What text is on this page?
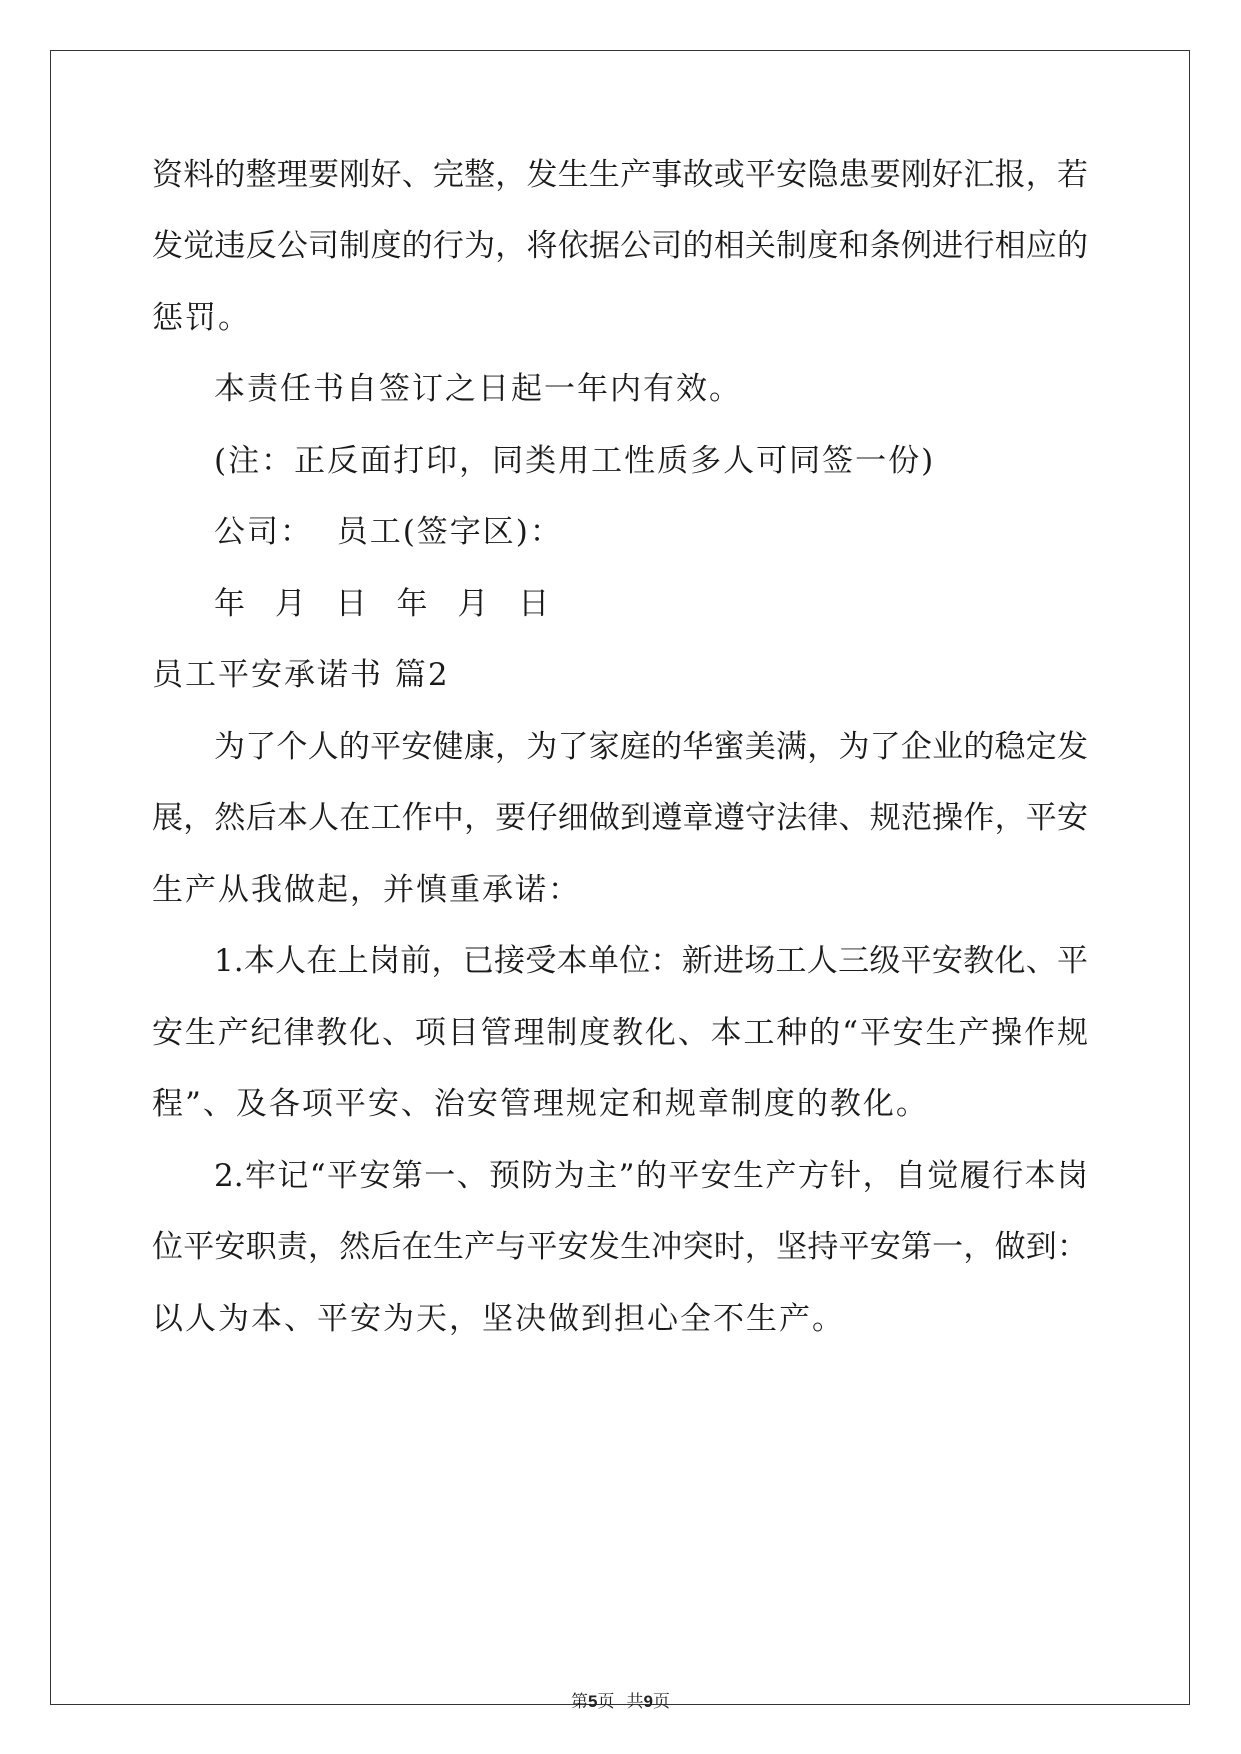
资料的整理要刚好、完整，发生生产事故或平安隐患要刚好汇报，若
发觉违反公司制度的行为，将依据公司的相关制度和条例进行相应的
惩罚。
本责任书自签订之日起一年内有效。
(注：正反面打印，同类用工性质多人可同签一份)
公司：  员工(签字区)：
年 月 日 年 月 日
员工平安承诺书 篇2
为了个人的平安健康，为了家庭的华蜜美满，为了企业的稳定发
展，然后本人在工作中，要仔细做到遵章遵守法律、规范操作，平安
生产从我做起，并慎重承诺：
1.本人在上岗前，已接受本单位：新进场工人三级平安教化、平
安生产纪律教化、项目管理制度教化、本工种的“平安生产操作规
程”、及各项平安、治安管理规定和规章制度的教化。
2.牢记“平安第一、预防为主”的平安生产方针，自觉履行本岗
位平安职责，然后在生产与平安发生冲突时，坚持平安第一，做到：
以人为本、平安为天，坚决做到担心全不生产。
第5页 共9页
